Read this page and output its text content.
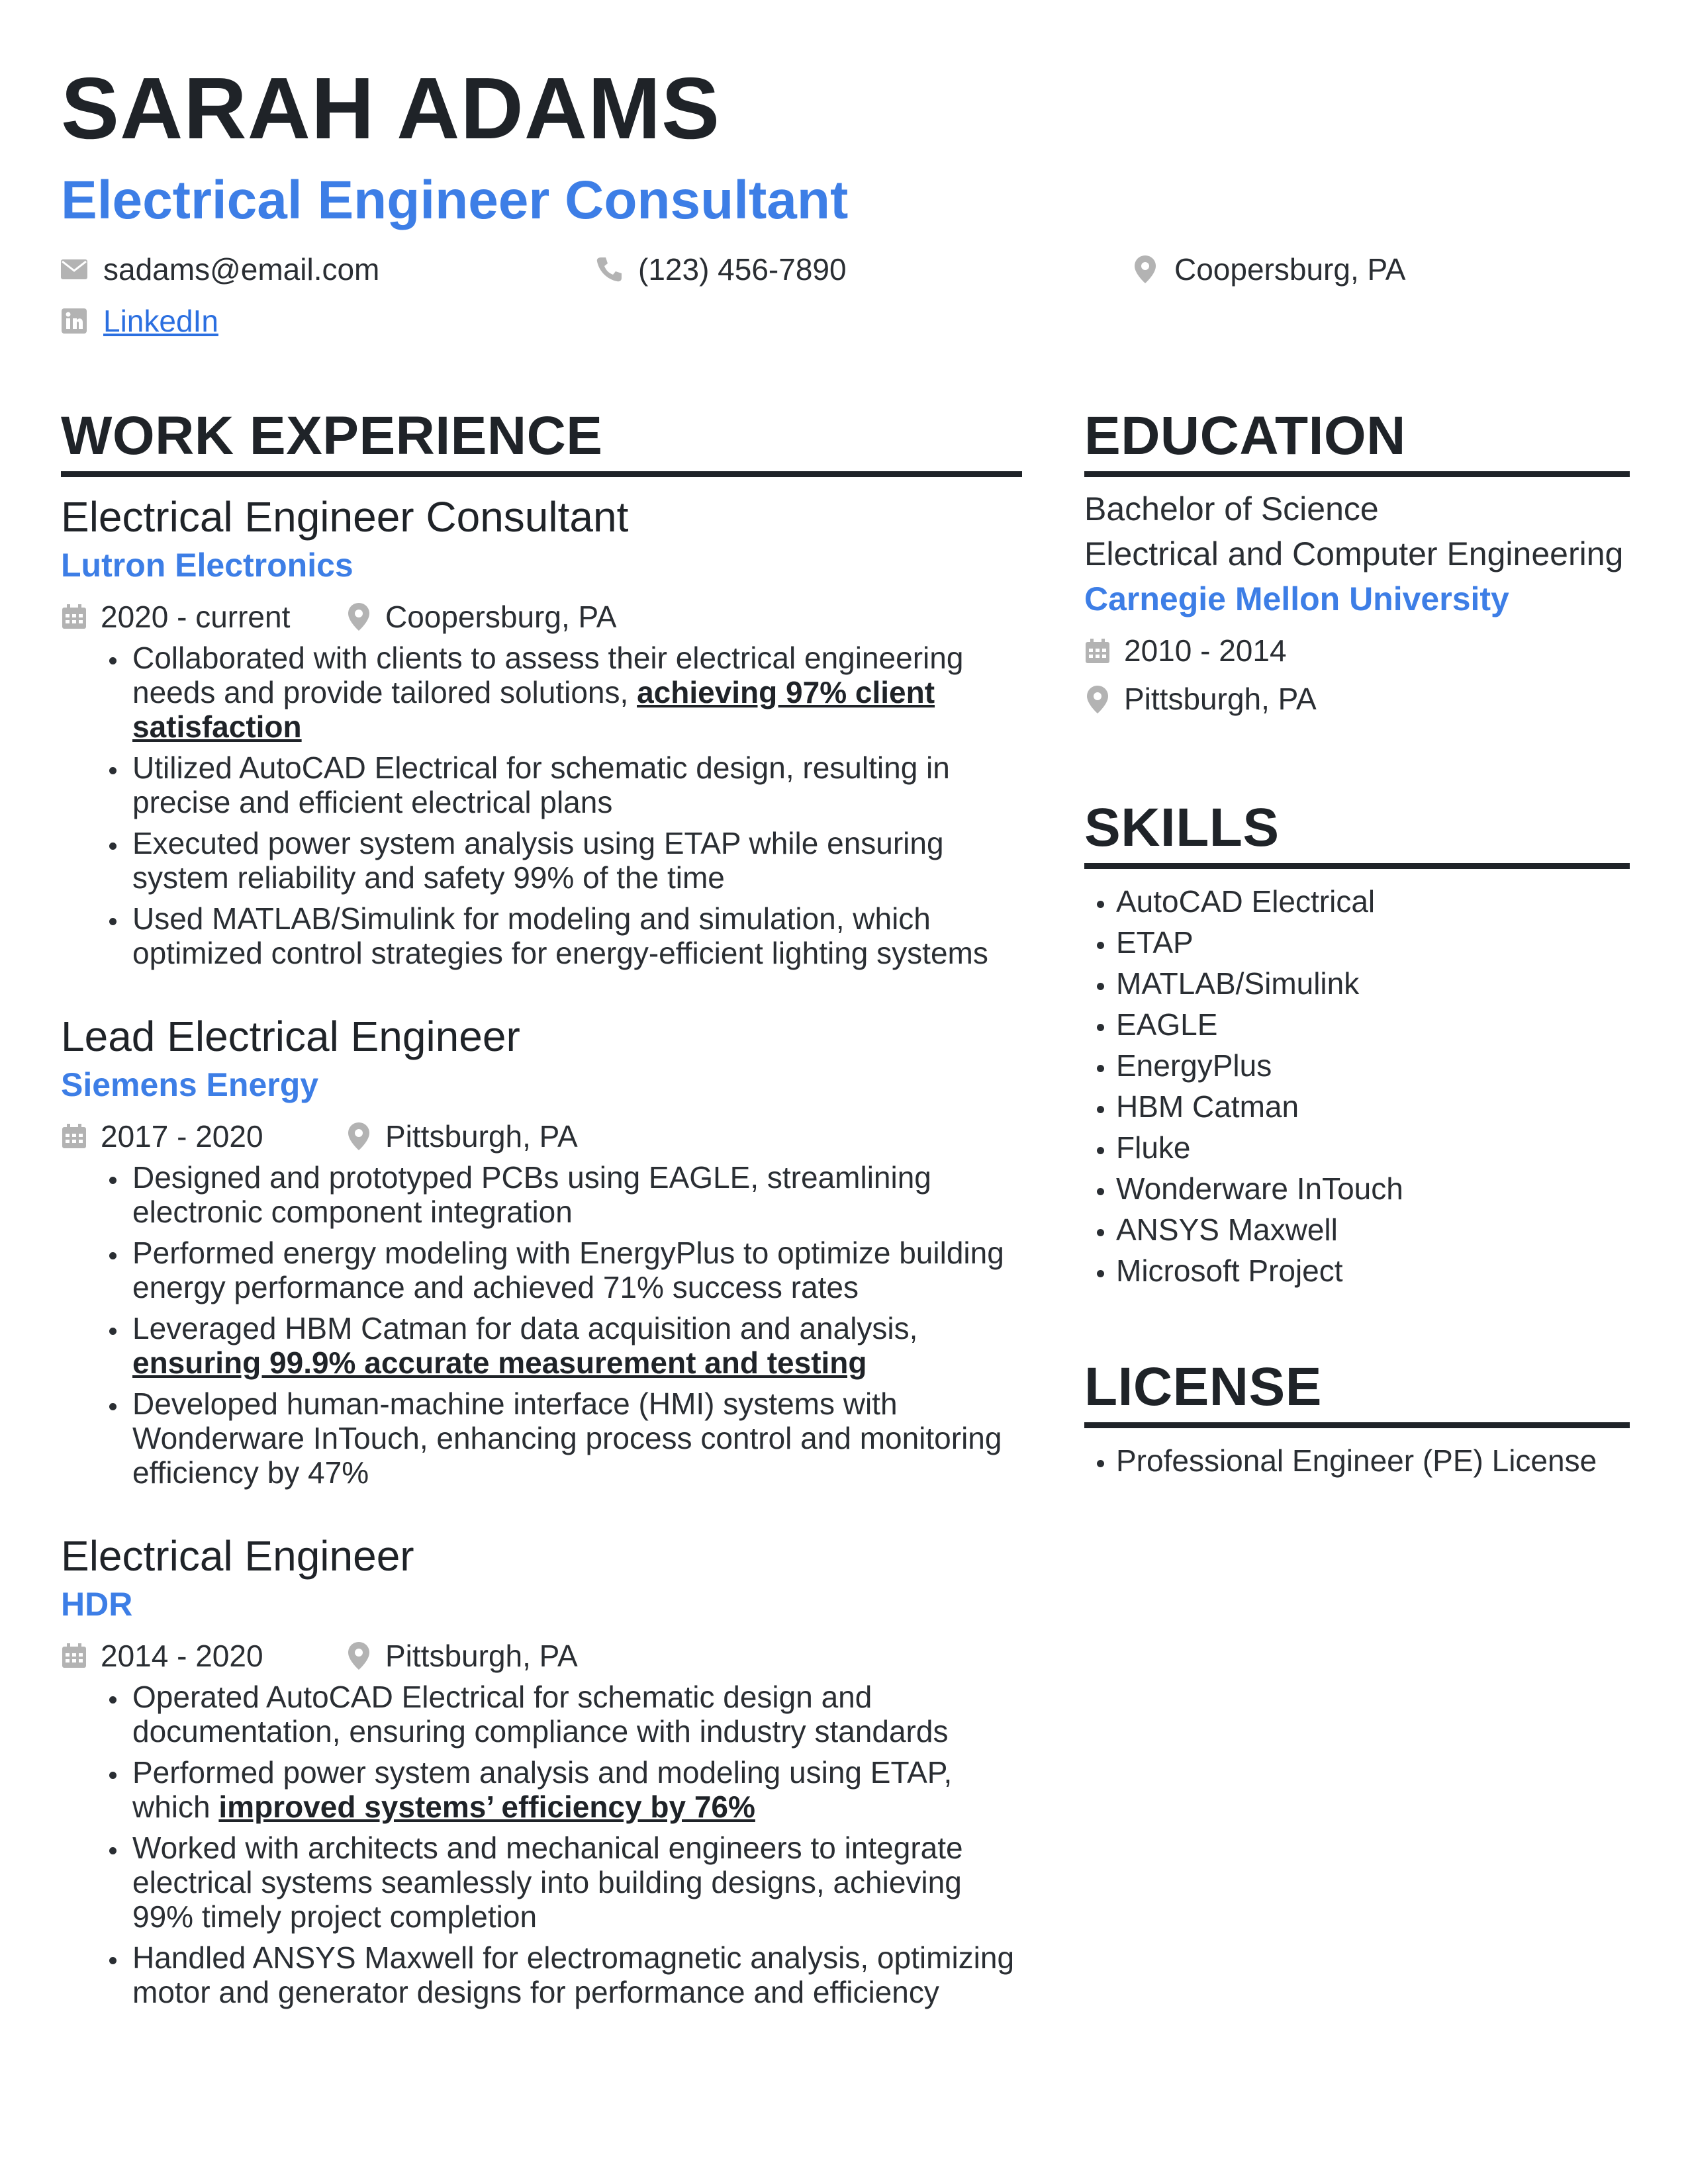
SARAH ADAMS
Electrical Engineer Consultant
sadams@email.com	(123) 456-7890	Coopersburg, PA
LinkedIn
WORK EXPERIENCE
Electrical Engineer Consultant
Lutron Electronics
2020 - current	Coopersburg, PA
• Collaborated with clients to assess their electrical engineering needs and provide tailored solutions, achieving 97% client satisfaction
• Utilized AutoCAD Electrical for schematic design, resulting in precise and efficient electrical plans
• Executed power system analysis using ETAP while ensuring system reliability and safety 99% of the time
• Used MATLAB/Simulink for modeling and simulation, which optimized control strategies for energy-efficient lighting systems
Lead Electrical Engineer
Siemens Energy
2017 - 2020	Pittsburgh, PA
• Designed and prototyped PCBs using EAGLE, streamlining electronic component integration
• Performed energy modeling with EnergyPlus to optimize building energy performance and achieved 71% success rates
• Leveraged HBM Catman for data acquisition and analysis, ensuring 99.9% accurate measurement and testing
• Developed human-machine interface (HMI) systems with Wonderware InTouch, enhancing process control and monitoring efficiency by 47%
Electrical Engineer
HDR
2014 - 2020	Pittsburgh, PA
• Operated AutoCAD Electrical for schematic design and documentation, ensuring compliance with industry standards
• Performed power system analysis and modeling using ETAP, which improved systems’ efficiency by 76%
• Worked with architects and mechanical engineers to integrate electrical systems seamlessly into building designs, achieving 99% timely project completion
• Handled ANSYS Maxwell for electromagnetic analysis, optimizing motor and generator designs for performance and efficiency
EDUCATION
Bachelor of Science
Electrical and Computer Engineering
Carnegie Mellon University
2010 - 2014
Pittsburgh, PA
SKILLS
• AutoCAD Electrical
• ETAP
• MATLAB/Simulink
• EAGLE
• EnergyPlus
• HBM Catman
• Fluke
• Wonderware InTouch
• ANSYS Maxwell
• Microsoft Project
LICENSE
• Professional Engineer (PE) License
